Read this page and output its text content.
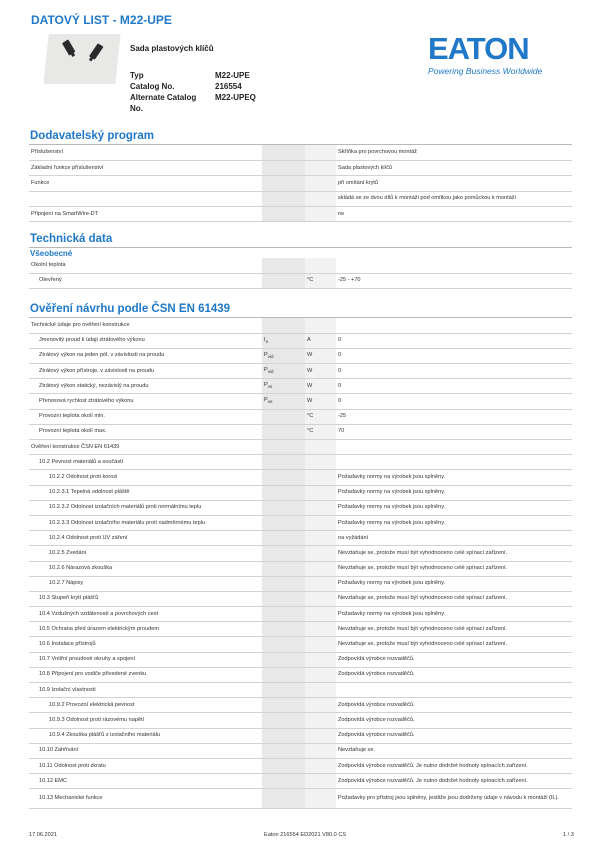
DATOVÝ LIST - M22-UPE

Sada plastových klíčů

Typ	M22-UPE
Catalog No.	216554
Alternate Catalog No.
M22-UPEQ
EATON
Powering Business Worldwide
Dodavatelský program
Příslušenství			Skříňka pro povrchovou montáž
Základní funkce příslušenství			Sada plastových klíčů
Funkce			při omítání krytů
			skládá se ze dvou dílů k montáži pod omítkou jako pomůckou k montáži
Připojení na SmartWire-DT			ne
Technická data
Všeobecné
Okolní teplota			
Otevřený		°C	-25 - +70
Ověření návrhu podle ČSN EN 61439
Technické údaje pro ověření konstrukce			
Jmenovitý proud k údaji ztrátového výkonu	$I_n$	A	0
Ztrátový výkon na jeden pól, v závislosti na proudu	$P_{vid}$	W	0
Ztrátový výkon přístroje, v závislosti na proudu	$P_{vid}$	W	0
Ztrátový výkon statický, nezávislý na proudu	$P_{vs}$	W	0
Přenosová rychlost ztrátového výkonu	$P_{ve}$	W	0
Provozní teplota okolí min.		°C	-25
Provozní teplota okolí max.		°C	70
Ověření konstrukce ČSN EN 61439			
10.2 Pevnost materiálů a součástí			
10.2.2 Odolnost proti korozi			Požadavky normy na výrobek jsou splněny.
10.2.3.1 Tepelná odolnost pláště			Požadavky normy na výrobek jsou splněny.
10.2.3.2 Odolnost izolačních materiálů proti normálnímu teplu			Požadavky normy na výrobek jsou splněny.
10.2.3.3 Odolnost izolačního materiálu proti nadměrnému teplu			Požadavky normy na výrobek jsou splněny.
10.2.4 Odolnost proti UV záření			na vyžádání
10.2.5 Zvedání			Nevztahuje se, protože musí být vyhodnoceno celé spínací zařízení.
10.2.6 Nárazová zkouška			Nevztahuje se, protože musí být vyhodnoceno celé spínací zařízení.
10.2.7 Nápisy			Požadavky normy na výrobek jsou splněny.
10.3 Stupeň krytí plášťů			Nevztahuje se, protože musí být vyhodnoceno celé spínací zařízení.
10.4 Vzdušných vzdáleností a povrchových cest			Požadavky normy na výrobek jsou splněny.
10.5 Ochrana před úrazem elektrickým proudem			Nevztahuje se, protože musí být vyhodnoceno celé spínací zařízení.
10.6 Instalace přístrojů			Nevztahuje se, protože musí být vyhodnoceno celé spínací zařízení.
10.7 Vnitřní proudové okruhy a spojení			Zodpovídá výrobce rozvaděčů.
10.8 Připojení pro vodiče přivedené zvenku			Zodpovídá výrobce rozvaděčů.
10.9 Izolační vlastnosti			
10.9.2 Provozní elektrická pevnost			Zodpovídá výrobce rozvaděčů.
10.9.3 Odolnost proti rázovému napětí			Zodpovídá výrobce rozvaděčů.
10.9.4 Zkouška plášťů z izolačního materiálu			Zodpovídá výrobce rozvaděčů.
10.10 Zahřívání			Nevztahuje se.
10.11 Odolnost proti zkratu			Zodpovídá výrobce rozvaděčů. Je nutno dodržet hodnoty spínacích zařízení.
10.12 EMC			Zodpovídá výrobce rozvaděčů. Je nutno dodržet hodnoty spínacích zařízení.
10.13 Mechanické funkce			Požadavky pro přístroj jsou splněny, jestliže jsou dodrženy údaje v návodu k montáži (IL).
17.06.2021	Eaton 216554 ED2021 V80.0 CS	1 / 3
